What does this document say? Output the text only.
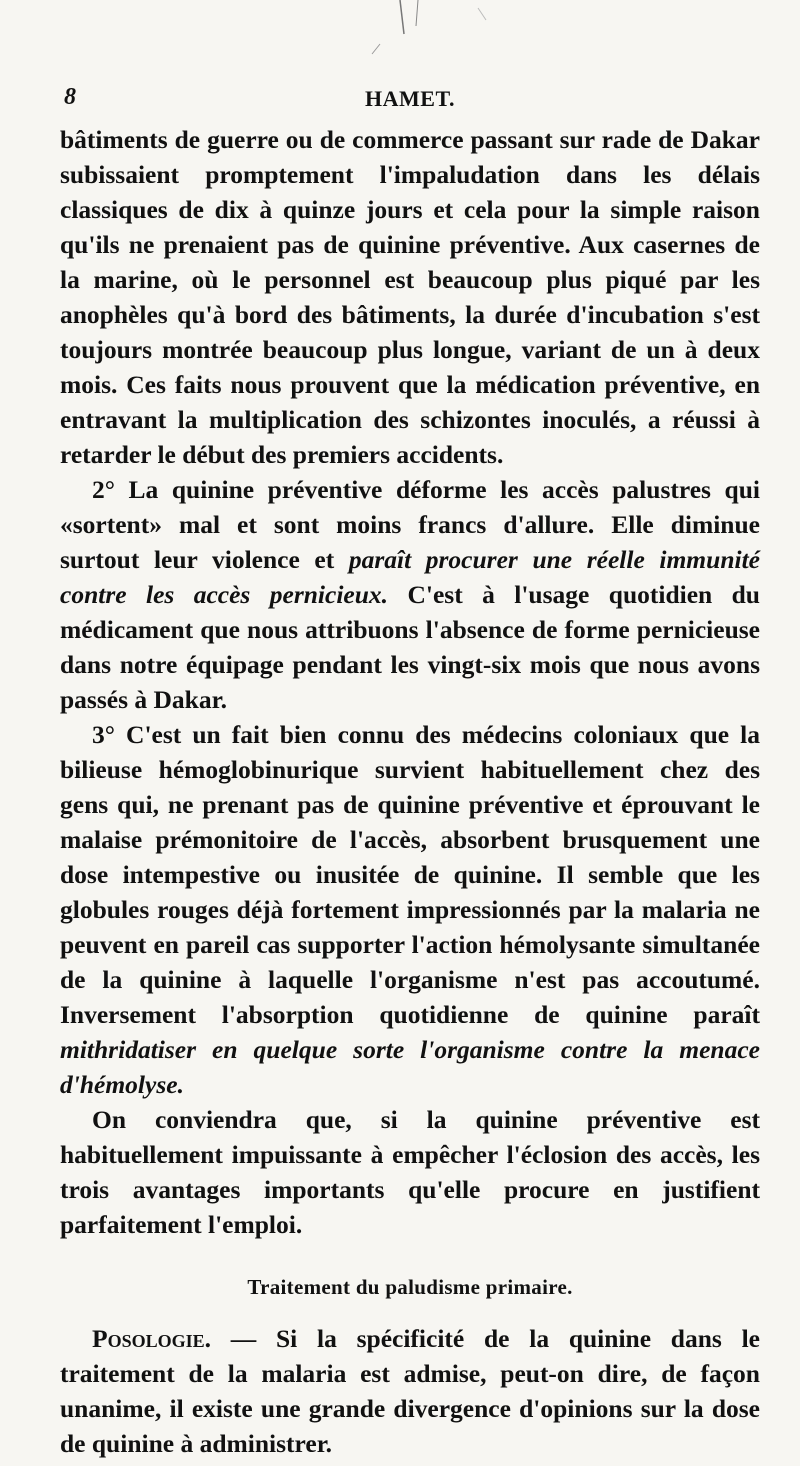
8	HAMET.

bâtiments de guerre ou de commerce passant sur rade de Dakar subissaient promptement l'impaludation dans les délais classiques de dix à quinze jours et cela pour la simple raison qu'ils ne prenaient pas de quinine préventive. Aux casernes de la marine, où le personnel est beaucoup plus piqué par les anophèles qu'à bord des bâtiments, la durée d'incubation s'est toujours montrée beaucoup plus longue, variant de un à deux mois. Ces faits nous prouvent que la médication préventive, en entravant la multiplication des schizontes inoculés, a réussi à retarder le début des premiers accidents.

2° La quinine préventive déforme les accès palustres qui «sortent» mal et sont moins francs d'allure. Elle diminue surtout leur violence et paraît procurer une réelle immunité contre les accès pernicieux. C'est à l'usage quotidien du médicament que nous attribuons l'absence de forme pernicieuse dans notre équipage pendant les vingt-six mois que nous avons passés à Dakar.

3° C'est un fait bien connu des médecins coloniaux que la bilieuse hémoglobinurique survient habituellement chez des gens qui, ne prenant pas de quinine préventive et éprouvant le malaise prémonitoire de l'accès, absorbent brusquement une dose intempestive ou inusitée de quinine. Il semble que les globules rouges déjà fortement impressionnés par la malaria ne peuvent en pareil cas supporter l'action hémolysante simultanée de la quinine à laquelle l'organisme n'est pas accoutumé. Inversement l'absorption quotidienne de quinine paraît mithridatiser en quelque sorte l'organisme contre la menace d'hémolyse.

On conviendra que, si la quinine préventive est habituellement impuissante à empêcher l'éclosion des accès, les trois avantages importants qu'elle procure en justifient parfaitement l'emploi.

Traitement du paludisme primaire.

Posologie. — Si la spécificité de la quinine dans le traitement de la malaria est admise, peut-on dire, de façon unanime, il existe une grande divergence d'opinions sur la dose de quinine à administrer.
